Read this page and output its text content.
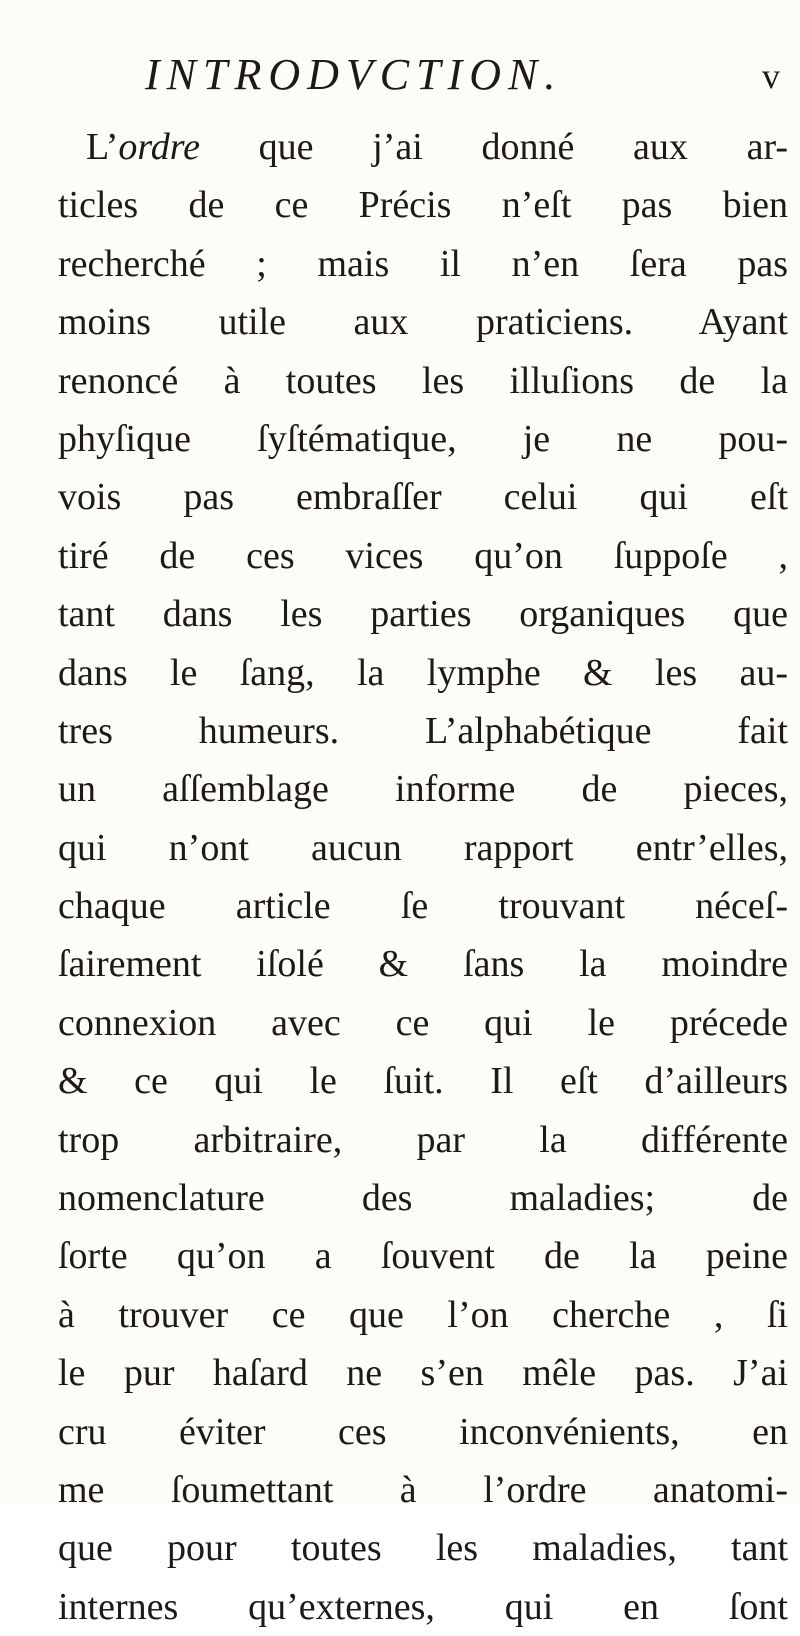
INTRODVCTION.	v
L’ordre que j’ai donné aux ar-
ticles de ce Précis n’eſt pas bien
recherché ; mais il n’en ſera pas
moins utile aux praticiens. Ayant
renoncé à toutes les illuſions de la
phyſique ſyſtématique, je ne pou-
vois pas embraſſer celui qui eſt
tiré de ces vices qu’on ſuppoſe ,
tant dans les parties organiques que
dans le ſang, la lymphe & les au-
tres humeurs. L’alphabétique fait
un aſſemblage informe de pieces,
qui n’ont aucun rapport entr’elles,
chaque article ſe trouvant néceſ-
ſairement iſolé & ſans la moindre
connexion avec ce qui le précede
& ce qui le ſuit. Il eſt d’ailleurs
trop arbitraire, par la différente
nomenclature des maladies; de
ſorte qu’on a ſouvent de la peine
à trouver ce que l’on cherche , ſi
le pur haſard ne s’en mêle pas. J’ai
cru éviter ces inconvénients, en
me ſoumettant à l’ordre anatomi-
que pour toutes les maladies, tant
internes qu’externes, qui en ſont
